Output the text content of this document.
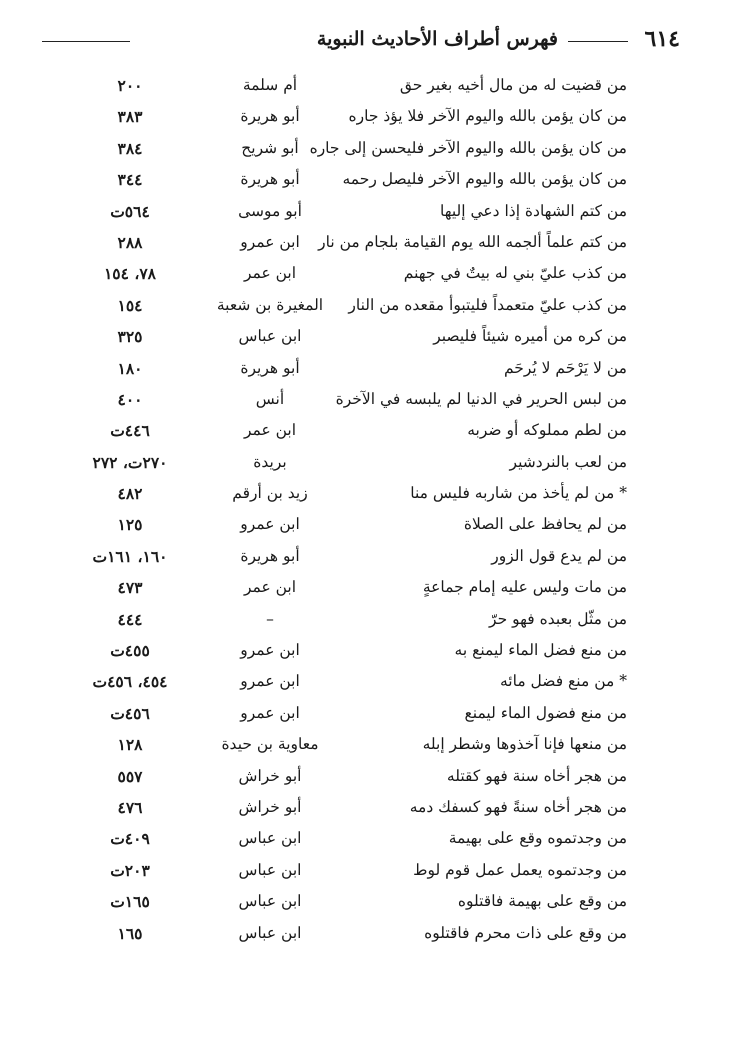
٦١٤
فهرس أطراف الأحاديث النبوية
من قضيت له من مال أخيه بغير حق
أم سلمة
٢٠٠
من كان يؤمن بالله واليوم الآخر فلا يؤذ جاره
أبو هريرة
٣٨٣
من كان يؤمن بالله واليوم الآخر فليحسن إلى جاره
أبو شريح
٣٨٤
من كان يؤمن بالله واليوم الآخر فليصل رحمه
أبو هريرة
٣٤٤
من كتم الشهادة إذا دعي إليها
أبو موسى
٥٦٤ت
من كتم علماً ألجمه الله يوم القيامة بلجام من نار
ابن عمرو
٢٨٨
من كذب عليّ بني له بيتٌ في جهنم
ابن عمر
٧٨، ١٥٤
من كذب عليّ متعمداً فليتبوأ مقعده من النار
المغيرة بن شعبة
١٥٤
من كره من أميره شيئاً فليصبر
ابن عباس
٣٢٥
من لا يَرْحَم لا يُرحَم
أبو هريرة
١٨٠
من لبس الحرير في الدنيا لم يلبسه في الآخرة
أنس
٤٠٠
من لطم مملوكه أو ضربه
ابن عمر
٤٤٦ت
من لعب بالنردشير
بريدة
٢٧٠ت، ٢٧٢
* من لم يأخذ من شاربه فليس منا
زيد بن أرقم
٤٨٢
من لم يحافظ على الصلاة
ابن عمرو
١٢٥
من لم يدع قول الزور
أبو هريرة
١٦٠، ١٦١ت
من مات وليس عليه إمام جماعةٍ
ابن عمر
٤٧٣
من مثّل بعبده فهو حرّ
–
٤٤٤
من منع فضل الماء ليمنع به
ابن عمرو
٤٥٥ت
* من منع فضل مائه
ابن عمرو
٤٥٤، ٤٥٦ت
من منع فضول الماء ليمنع
ابن عمرو
٤٥٦ت
من منعها فإنا آخذوها وشطر إبله
معاوية بن حيدة
١٢٨
من هجر أخاه سنة فهو كقتله
أبو خراش
٥٥٧
من هجر أخاه سنةً فهو كسفك دمه
أبو خراش
٤٧٦
من وجدتموه وقع على بهيمة
ابن عباس
٤٠٩ت
من وجدتموه يعمل عمل قوم لوط
ابن عباس
٢٠٣ت
من وقع على بهيمة فاقتلوه
ابن عباس
١٦٥ت
من وقع على ذات محرم فاقتلوه
ابن عباس
١٦٥
